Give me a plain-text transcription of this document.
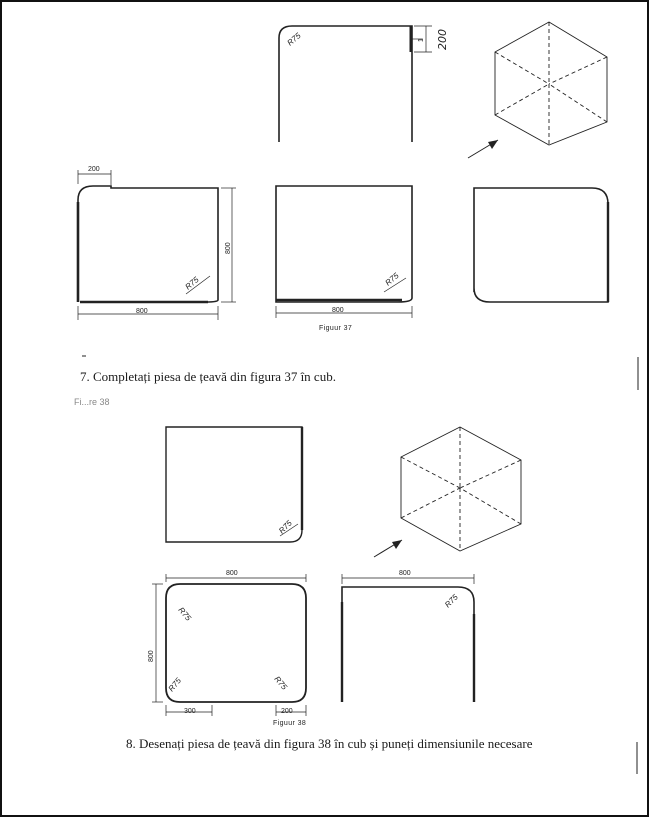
R75	200
1
200
800
R75
800
R75
800
Figuur 37
R75
800
800
R75
R75	R75
300	200
R75
800
Figuur 38
7. Completați piesa de țeavă din figura 37 în cub.
Fi...re 38
8. Desenați piesa de țeavă din figura 38 în cub și puneți dimensiunile necesare
